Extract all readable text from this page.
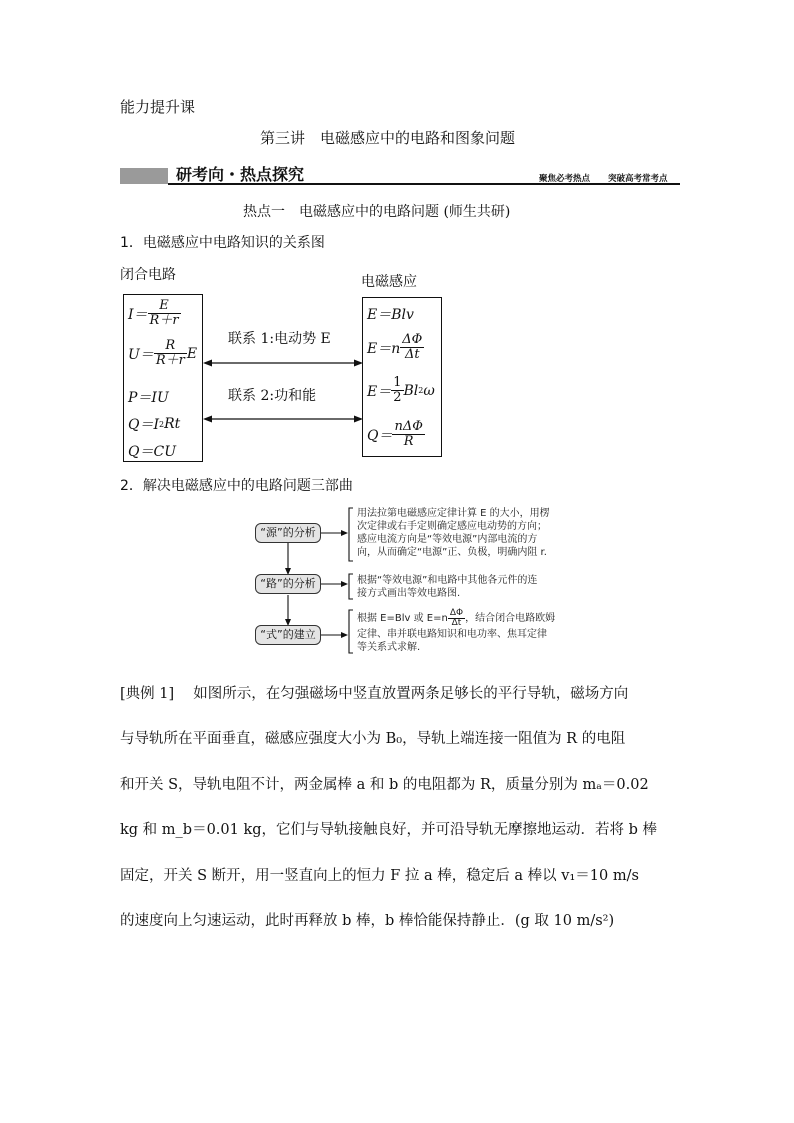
能力提升课
第三讲　电磁感应中的电路和图象问题
研考向・热点探究	聚焦必考热点 突破高考常考点
热点一　电磁感应中的电路问题 (师生共研)
1．电磁感应中电路知识的关系图
闭合电路	电磁感应
$I= \frac{E}{R+r}$
$U= \frac{R}{R+r}$ E
P＝IU
Q＝I 2 Rt
Q＝CU
E＝Blv
$E=n \frac{\Delta\Phi}{\Delta t}$
$E= \frac{1}{2}$ Bl 2 ω
$Q= \frac{\text{nΔΦ}}{R}$
联系 1:电动势 E
联系 2:功和能
2．解决电磁感应中的电路问题三部曲
“源”的分析
“路”的分析
“式”的建立
用法拉第电磁感应定律计算 E 的大小，用楞
次定律或右手定则确定感应电动势的方向；
感应电流方向是“等效电源”内部电流的方
向，从而确定“电源”正、负极，明确内阻 r.
根据“等效电源”和电路中其他各元件的连
接方式画出等效电路图.
根据 E=Blv 或 $E=n \frac{\Delta\Phi}{\Delta t}$ ，结合闭合电路欧姆
定律、串并联电路知识和电功率、焦耳定律
等关系式求解.

[典例 1]　 如图所示，在匀强磁场中竖直放置两条足够长的平行导轨，磁场方向

与导轨所在平面垂直，磁感应强度大小为 B₀，导轨上端连接一阻值为 R 的电阻

和开关 S，导轨电阻不计，两金属棒 a 和 b 的电阻都为 R，质量分别为 mₐ＝0.02

kg 和 m_b＝0.01 kg，它们与导轨接触良好，并可沿导轨无摩擦地运动．若将 b 棒

固定，开关 S 断开，用一竖直向上的恒力 F 拉 a 棒，稳定后 a 棒以 v₁＝10 m/s

的速度向上匀速运动，此时再释放 b 棒，b 棒恰能保持静止．(g 取 10 m/s²)
